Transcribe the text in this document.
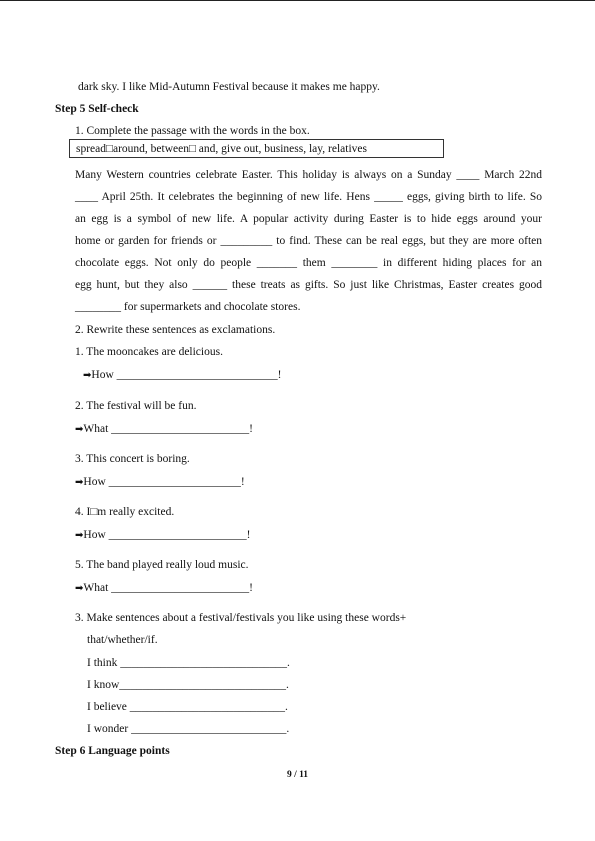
dark sky. I like Mid-Autumn Festival because it makes me happy.
Step 5 Self-check
1. Complete the passage with the words in the box.
spread□around, between□ and, give out, business, lay, relatives
Many Western countries celebrate Easter. This holiday is always on a Sunday ____ March 22nd
____ April 25th. It celebrates the beginning of new life. Hens _____ eggs, giving birth to life. So
an egg is a symbol of new life. A popular activity during Easter is to hide eggs around your
home or garden for friends or _________ to find. These can be real eggs, but they are more often
chocolate eggs. Not only do people _______ them ________ in different hiding places for an
egg hunt, but they also ______ these treats as gifts. So just like Christmas, Easter creates good
________ for supermarkets and chocolate stores.
2. Rewrite these sentences as exclamations.
1. The mooncakes are delicious.
➡How ____________________________!
2. The festival will be fun.
➡What ________________________!
3. This concert is boring.
➡How _______________________!
4. I□m really excited.
➡How ________________________!
5. The band played really loud music.
➡What ________________________!
3. Make sentences about a festival/festivals you like using these words+
that/whether/if.
I think _____________________________.
I know_____________________________.
I believe ___________________________.
I wonder ___________________________.
Step 6 Language points
9 / 11
